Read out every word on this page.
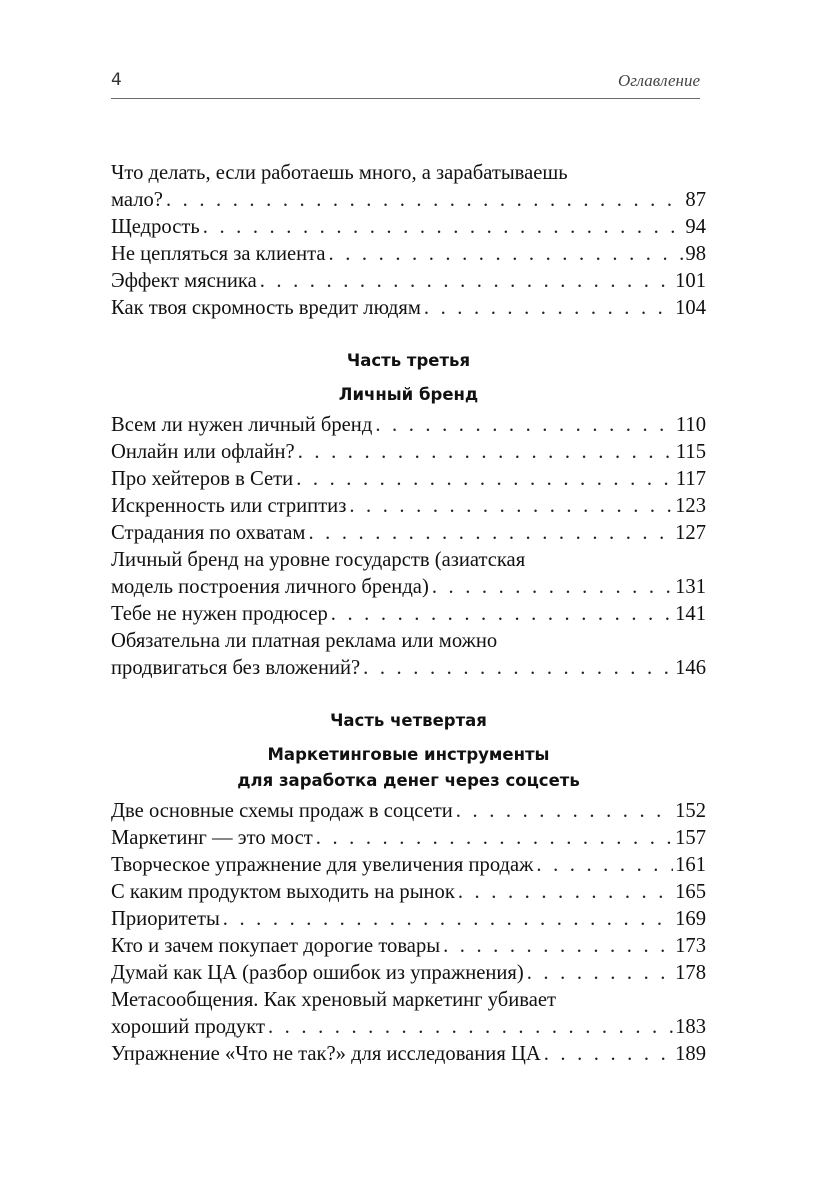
4	Оглавление
Что делать, если работаешь много, а зарабатываешь
мало? . . .	87
Щедрость . . .	94
Не цепляться за клиента . . .	98
Эффект мясника . . .	101
Как твоя скромность вредит людям . . .	104
Часть третья
Личный бренд
Всем ли нужен личный бренд . . .	110
Онлайн или офлайн? . . .	115
Про хейтеров в Сети . . .	117
Искренность или стриптиз . . .	123
Страдания по охватам . . .	127
Личный бренд на уровне государств (азиатская
модель построения личного бренда) . . .	131
Тебе не нужен продюсер . . .	141
Обязательна ли платная реклама или можно
продвигаться без вложений? . . .	146
Часть четвертая
Маркетинговые инструменты
для заработка денег через соцсеть
Две основные схемы продаж в соцсети . . .	152
Маркетинг — это мост . . .	157
Творческое упражнение для увеличения продаж . . .	161
С каким продуктом выходить на рынок . . .	165
Приоритеты . . .	169
Кто и зачем покупает дорогие товары . . .	173
Думай как ЦА (разбор ошибок из упражнения) . . .	178
Метасообщения. Как хреновый маркетинг убивает
хороший продукт . . .	183
Упражнение «Что не так?» для исследования ЦА . . .	189
